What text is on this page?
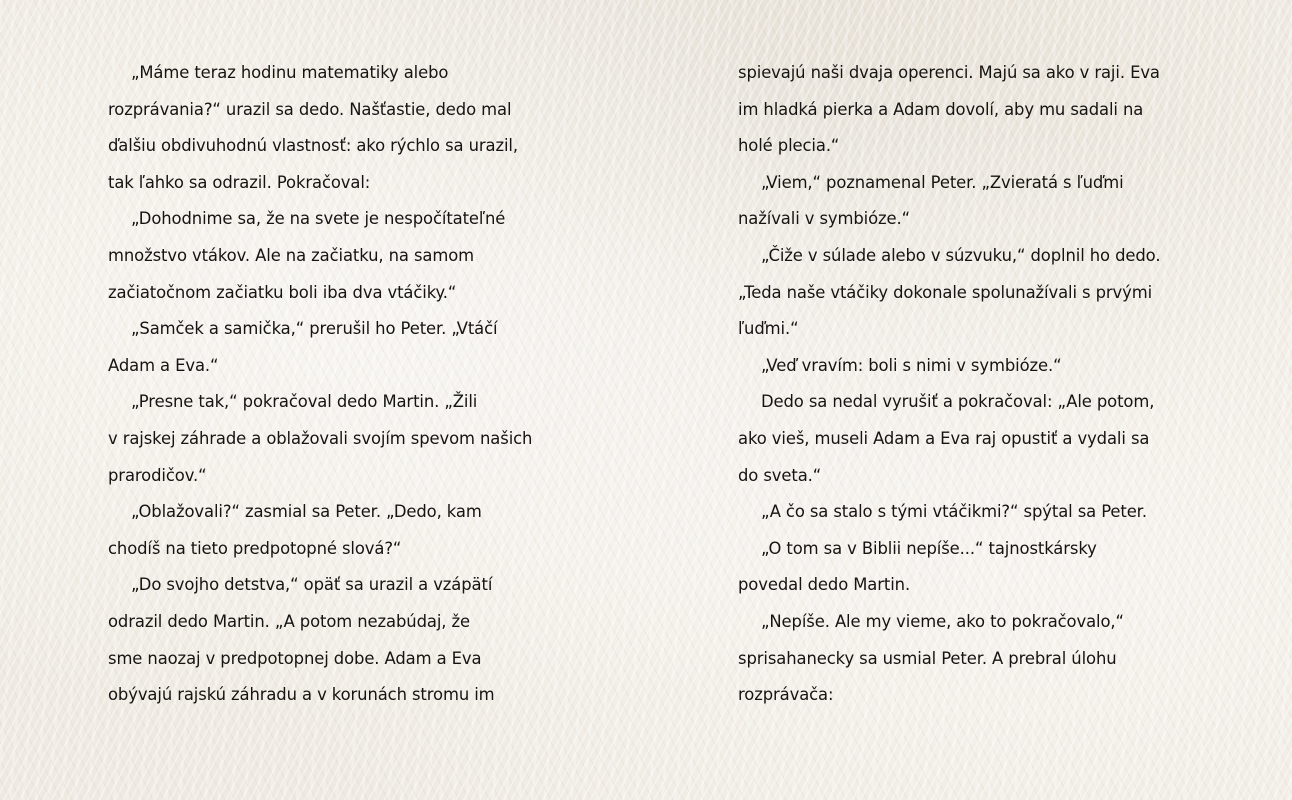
„Máme teraz hodinu matematiky alebo
rozprávania?“ urazil sa dedo. Našťastie, dedo mal
ďalšiu obdivuhodnú vlastnosť: ako rýchlo sa urazil,
tak ľahko sa odrazil. Pokračoval:
„Dohodnime sa, že na svete je nespočítateľné
množstvo vtákov. Ale na začiatku, na samom
začiatočnom začiatku boli iba dva vtáčiky.“
„Samček a samička,“ prerušil ho Peter. „Vtáčí
Adam a Eva.“
„Presne tak,“ pokračoval dedo Martin. „Žili
v rajskej záhrade a oblažovali svojím spevom našich
prarodičov.“
„Oblažovali?“ zasmial sa Peter. „Dedo, kam
chodíš na tieto predpotopné slová?“
„Do svojho detstva,“ opäť sa urazil a vzápätí
odrazil dedo Martin. „A potom nezabúdaj, že
sme naozaj v predpotopnej dobe. Adam a Eva
obývajú rajskú záhradu a v korunách stromu im
spievajú naši dvaja operenci. Majú sa ako v raji. Eva
im hladká pierka a Adam dovolí, aby mu sadali na
holé plecia.“
„Viem,“ poznamenal Peter. „Zvieratá s ľuďmi
nažívali v symbióze.“
„Čiže v súlade alebo v súzvuku,“ doplnil ho dedo.
„Teda naše vtáčiky dokonale spolunažívali s prvými
ľuďmi.“
„Veď vravím: boli s nimi v symbióze.“
Dedo sa nedal vyrušiť a pokračoval: „Ale potom,
ako vieš, museli Adam a Eva raj opustiť a vydali sa
do sveta.“
„A čo sa stalo s tými vtáčikmi?“ spýtal sa Peter.
„O tom sa v Biblii nepíše...“ tajnostkársky
povedal dedo Martin.
„Nepíše. Ale my vieme, ako to pokračovalo,“
sprisahanecky sa usmial Peter. A prebral úlohu
rozprávača:
